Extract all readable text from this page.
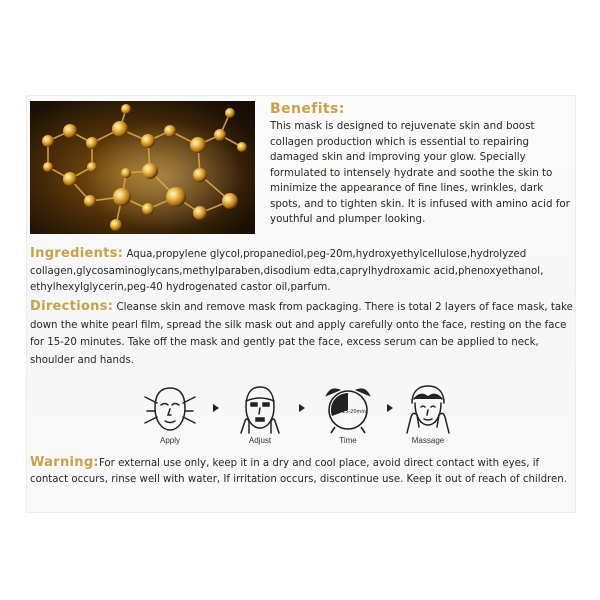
Benefits:
This mask is designed to rejuvenate skin and boost collagen production which is essential to repairing damaged skin and improving your glow. Specially formulated to intensely hydrate and soothe the skin to minimize the appearance of fine lines, wrinkles, dark spots, and to tighten skin. It is infused with amino acid for youthful and plumper looking.
Ingredients: Aqua,propylene glycol,propanediol,peg-20m,hydroxyethylcellulose,hydrolyzed collagen,glycosaminoglycans,methylparaben,disodium edta,caprylhydroxamic acid,phenoxyethanol, ethylhexylglycerin,peg-40 hydrogenated castor oil,parfum.
Directions: Cleanse skin and remove mask from packaging. There is total 2 layers of face mask, take down the white pearl film, spread the silk mask out and apply carefully onto the face, resting on the face for 15-20 minutes. Take off the mask and gently pat the face, excess serum can be applied to neck, shoulder and hands.
Apply	Adjust
15-20min
Time	Massage
Warning:For external use only, keep it in a dry and cool place, avoid direct contact with eyes, if contact occurs, rinse well with water, If irritation occurs, discontinue use. Keep it out of reach of children.
